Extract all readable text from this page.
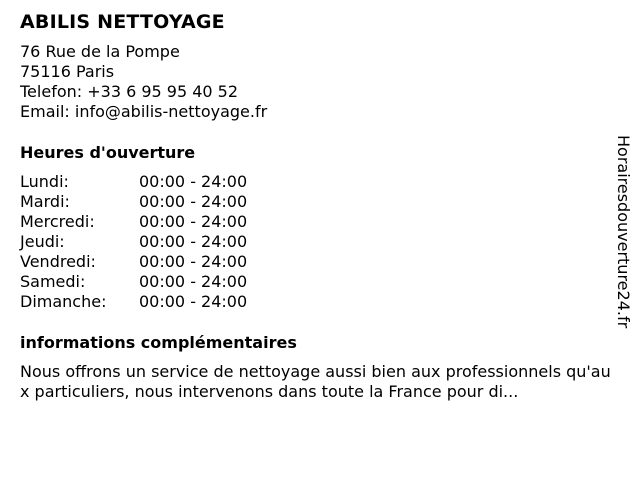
ABILIS NETTOYAGE
76 Rue de la Pompe
75116 Paris
Telefon: +33 6 95 95 40 52
Email: info@abilis-nettoyage.fr
Heures d'ouverture
Lundi:	00:00 - 24:00
Mardi:	00:00 - 24:00
Mercredi:	00:00 - 24:00
Jeudi:	00:00 - 24:00
Vendredi:	00:00 - 24:00
Samedi:	00:00 - 24:00
Dimanche: 00:00 - 24:00
informations complémentaires
Nous offrons un service de nettoyage aussi bien aux professionnels qu'aux particuliers, nous intervenons dans toute la France pour di...
Horairesdouverture24.fr
